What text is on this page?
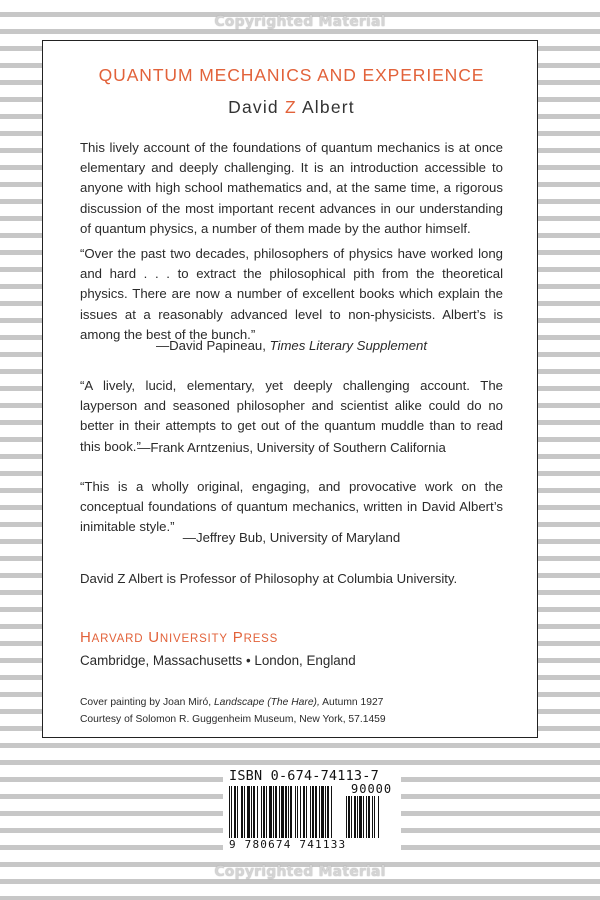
Copyrighted Material
QUANTUM MECHANICS AND EXPERIENCE
David Z Albert

This lively account of the foundations of quantum mechanics is at once elementary and deeply challenging. It is an introduction accessible to anyone with high school mathematics and, at the same time, a rigorous discussion of the most important recent advances in our understanding of quantum physics, a number of them made by the author himself.

“Over the past two decades, philosophers of physics have worked long and hard . . . to extract the philosophical pith from the theoretical physics. There are now a number of excellent books which explain the issues at a reasonably advanced level to non-physicists. Albert’s is among the best of the bunch.”

—David Papineau, Times Literary Supplement

“A lively, lucid, elementary, yet deeply challenging account. The layperson and seasoned philosopher and scientist alike could do no better in their attempts to get out of the quantum muddle than to read this book.”

—Frank Arntzenius, University of Southern California

“This is a wholly original, engaging, and provocative work on the conceptual foundations of quantum mechanics, written in David Albert’s inimitable style.”

—Jeffrey Bub, University of Maryland

David Z Albert is Professor of Philosophy at Columbia University.

HARVARD UNIVERSITY PRESS
Cambridge, Massachusetts • London, England
Cover painting by Joan Miró, Landscape (The Hare), Autumn 1927
Courtesy of Solomon R. Guggenheim Museum, New York, 57.1459
ISBN 0-674-74113-7
90000
9 780674 741133
Copyrighted Material
